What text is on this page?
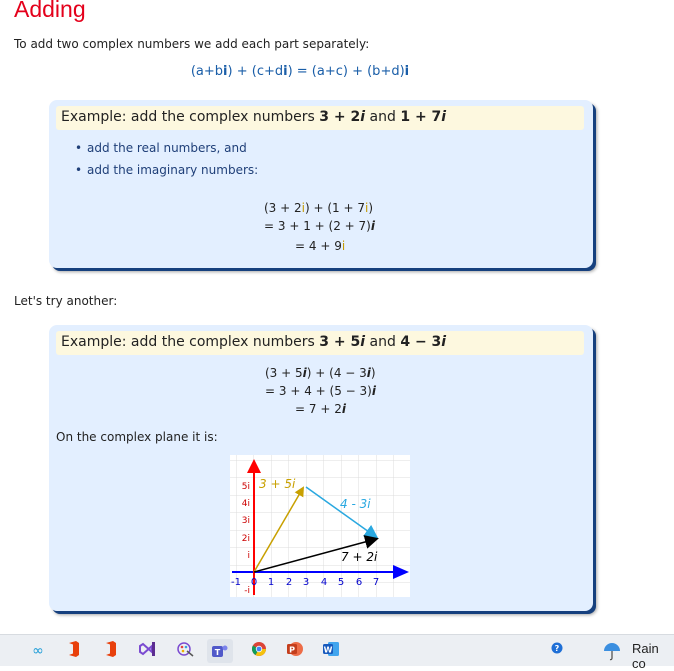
Adding
To add two complex numbers we add each part separately:
(a+bi) + (c+di) = (a+c) + (b+d)i
Example: add the complex numbers 3 + 2i and 1 + 7i
• add the real numbers, and
• add the imaginary numbers:
(3 + 2i) + (1 + 7i)
= 3 + 1 + (2 + 7)i
= 4 + 9i
Let's try another:
Example: add the complex numbers 3 + 5i and 4 − 3i
(3 + 5i) + (4 − 3i)
= 3 + 4 + (5 − 3)i
= 7 + 2i
On the complex plane it is:
3 + 5i
4 - 3i
7 + 2i
5i
4i
3i
2i
i
-i
-1 0 1 2 3 4 5 6 7
∞	T	P	W	?	Rain co
